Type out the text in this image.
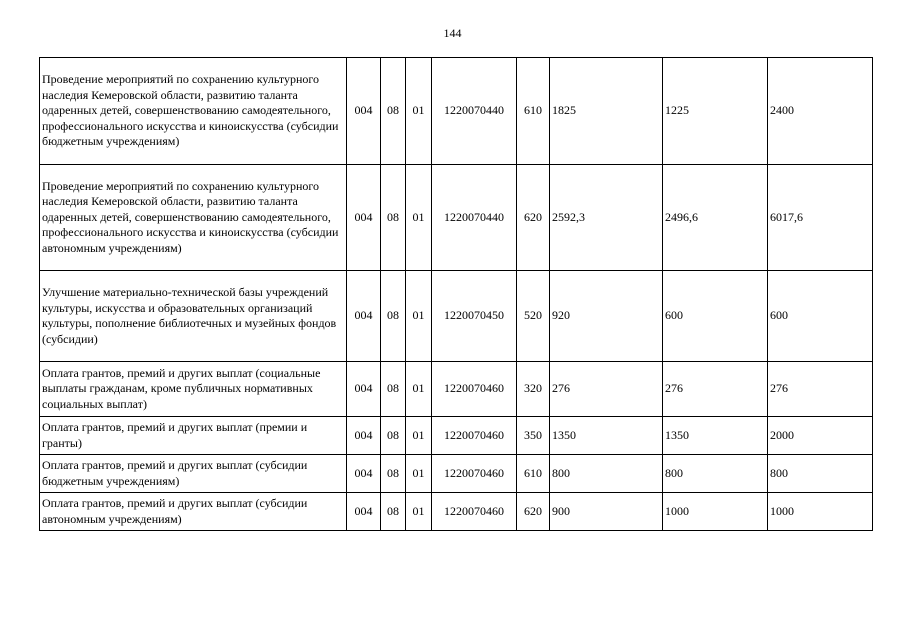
144
Проведение мероприятий по сохранению культурного наследия Кемеровской области, развитию таланта одаренных детей, совершенствованию самодеятельного, профессионального искусства и киноискусства (субсидии бюджетным учреждениям)	004	08	01	1220070440	610	1825	1225	2400
Проведение мероприятий по сохранению культурного наследия Кемеровской области, развитию таланта одаренных детей, совершенствованию самодеятельного, профессионального искусства и киноискусства (субсидии автономным учреждениям)	004	08	01	1220070440	620	2592,3	2496,6	6017,6
Улучшение материально-технической базы учреждений культуры, искусства и образовательных организаций культуры, пополнение библиотечных и музейных фондов (субсидии)	004	08	01	1220070450	520	920	600	600
Оплата грантов, премий и других выплат (социальные выплаты гражданам, кроме публичных нормативных социальных выплат)	004	08	01	1220070460	320	276	276	276
Оплата грантов, премий и других выплат (премии и гранты)	004	08	01	1220070460	350	1350	1350	2000
Оплата грантов, премий и других выплат (субсидии бюджетным учреждениям)	004	08	01	1220070460	610	800	800	800
Оплата грантов, премий и других выплат (субсидии автономным учреждениям)	004	08	01	1220070460	620	900	1000	1000
